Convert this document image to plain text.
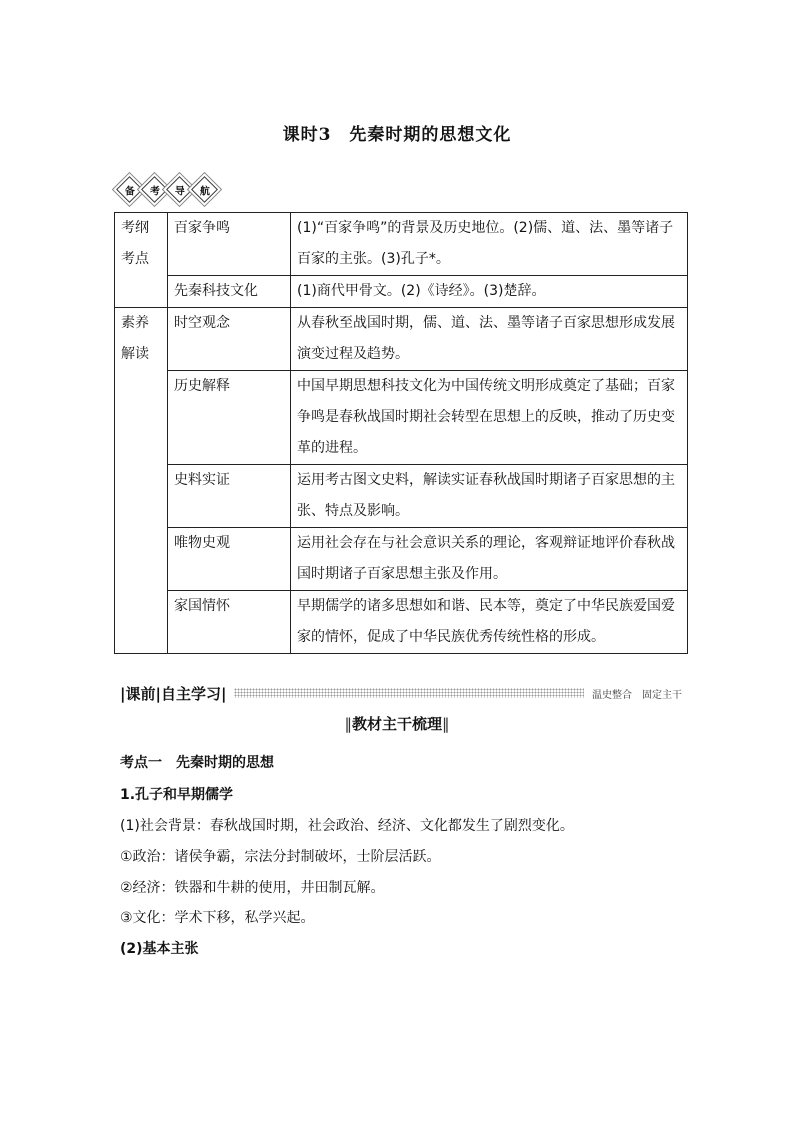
课时3 先秦时期的思想文化
备 考 导 航
考纲
考点	百家争鸣	(1)“百家争鸣”的背景及历史地位。(2)儒、道、法、墨等诸子百家的主张。(3)孔子*。
	先秦科技文化	(1)商代甲骨文。(2)《诗经》。(3)楚辞。
素养
解读	时空观念	从春秋至战国时期，儒、道、法、墨等诸子百家思想形成发展演变过程及趋势。
	历史解释	中国早期思想科技文化为中国传统文明形成奠定了基础；百家争鸣是春秋战国时期社会转型在思想上的反映，推动了历史变革的进程。
	史料实证	运用考古图文史料，解读实证春秋战国时期诸子百家思想的主张、特点及影响。
	唯物史观	运用社会存在与社会意识关系的理论，客观辩证地评价春秋战国时期诸子百家思想主张及作用。
	家国情怀	早期儒学的诸多思想如和谐、民本等，奠定了中华民族爱国爱家的情怀，促成了中华民族优秀传统性格的形成。
|课前|自主学习|	温史整合　固定主干
‖教材主干梳理‖
考点一　先秦时期的思想
1.孔子和早期儒学
(1)社会背景：春秋战国时期，社会政治、经济、文化都发生了剧烈变化。
①政治：诸侯争霸，宗法分封制破坏，士阶层活跃。
②经济：铁器和牛耕的使用，井田制瓦解。
③文化：学术下移，私学兴起。
(2)基本主张
